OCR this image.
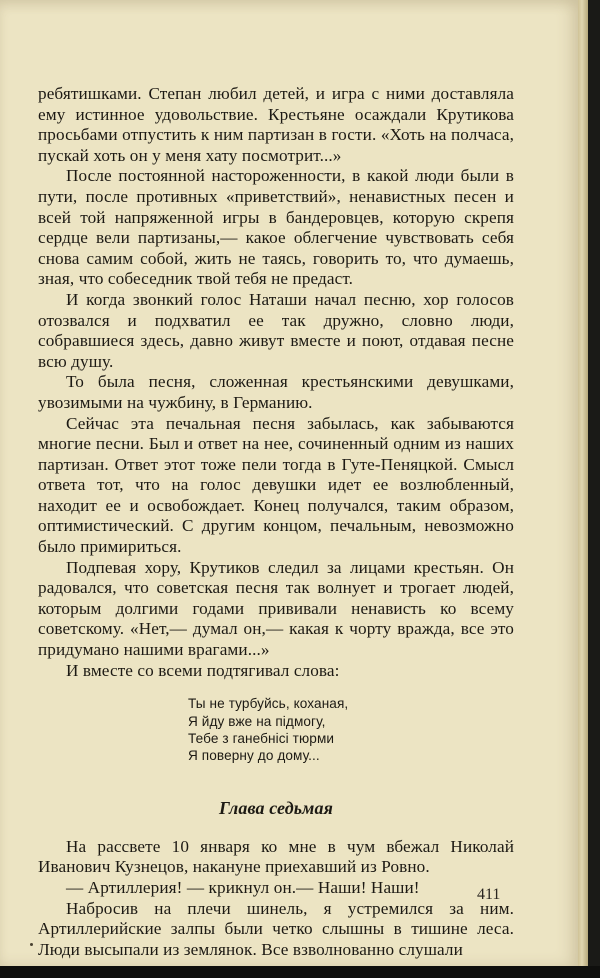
ребятишками. Степан любил детей, и игра с ними доставляла ему истинное удовольствие. Крестьяне осаждали Крутикова просьбами отпустить к ним партизан в гости. «Хоть на полчаса, пускай хоть он у меня хату посмотрит...»

После постоянной настороженности, в какой люди были в пути, после противных «приветствий», ненавистных песен и всей той напряженной игры в бандеровцев, которую скрепя сердце вели партизаны,— какое облегчение чувствовать себя снова самим собой, жить не таясь, говорить то, что думаешь, зная, что собеседник твой тебя не предаст.

И когда звонкий голос Наташи начал песню, хор голосов отозвался и подхватил ее так дружно, словно люди, собравшиеся здесь, давно живут вместе и поют, отдавая песне всю душу.

То была песня, сложенная крестьянскими девушками, увозимыми на чужбину, в Германию.

Сейчас эта печальная песня забылась, как забываются многие песни. Был и ответ на нее, сочиненный одним из наших партизан. Ответ этот тоже пели тогда в Гуте-Пеняцкой. Смысл ответа тот, что на голос девушки идет ее возлюбленный, находит ее и освобождает. Конец получался, таким образом, оптимистический. С другим концом, печальным, невозможно было примириться.

Подпевая хору, Крутиков следил за лицами крестьян. Он радовался, что советская песня так волнует и трогает людей, которым долгими годами прививали ненависть ко всему советскому. «Нет,— думал он,— какая к чорту вражда, все это придумано нашими врагами...»

И вместе со всеми подтягивал слова:

Ты не турбуйсь, коханая,
Я йду вже на підмогу,
Тебе з ганебнісі тюрми
Я поверну до дому...
Глава седьмая

На рассвете 10 января ко мне в чум вбежал Николай Иванович Кузнецов, накануне приехавший из Ровно.

— Артиллерия! — крикнул он.— Наши! Наши!

Набросив на плечи шинель, я устремился за ним. Артиллерийские залпы были четко слышны в тишине леса. Люди высыпали из землянок. Все взволнованно слушали

411
